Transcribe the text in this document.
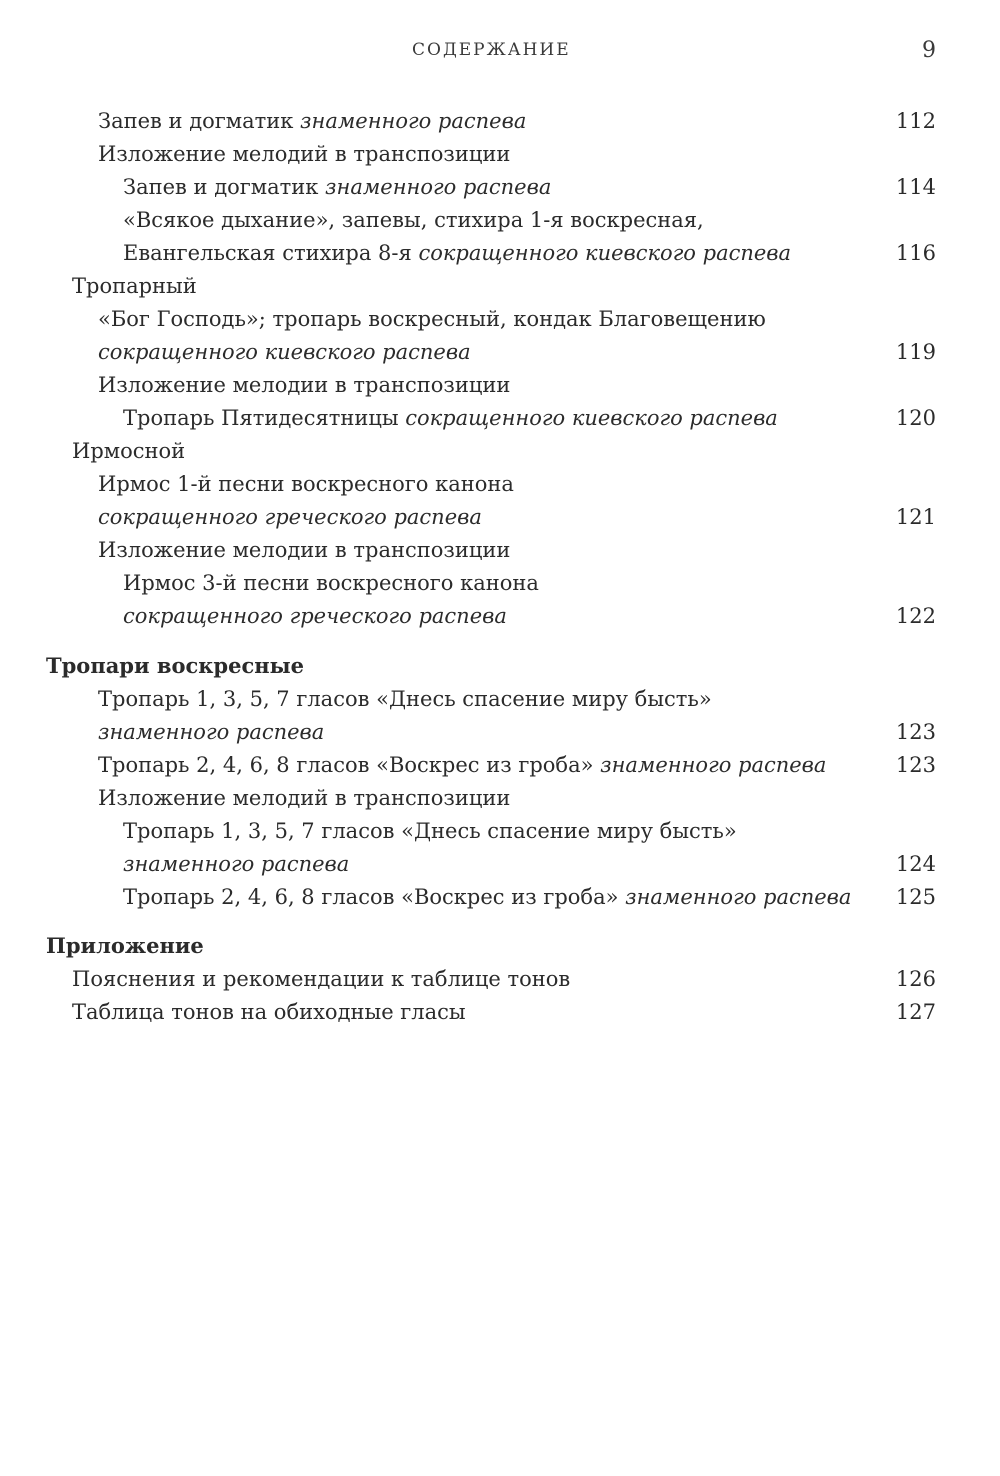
СОДЕРЖАНИЕ	9
Запев и догматик знаменного распева	112
Изложение мелодий в транспозиции
Запев и догматик знаменного распева	114
«Всякое дыхание», запевы, стихира 1-я воскресная,
Евангельская стихира 8-я сокращенного киевского распева	116
Тропарный
«Бог Господь»; тропарь воскресный, кондак Благовещению
сокращенного киевского распева	119
Изложение мелодии в транспозиции
Тропарь Пятидесятницы сокращенного киевского распева	120
Ирмосной
Ирмос 1-й песни воскресного канона
сокращенного греческого распева	121
Изложение мелодии в транспозиции
Ирмос 3-й песни воскресного канона
сокращенного греческого распева	122
Тропари воскресные
Тропарь 1, 3, 5, 7 гласов «Днесь спасение миру бысть»
знаменного распева	123
Тропарь 2, 4, 6, 8 гласов «Воскрес из гроба» знаменного распева	123
Изложение мелодий в транспозиции
Тропарь 1, 3, 5, 7 гласов «Днесь спасение миру бысть»
знаменного распева	124
Тропарь 2, 4, 6, 8 гласов «Воскрес из гроба» знаменного распева 125
Приложение
Пояснения и рекомендации к таблице тонов	126
Таблица тонов на обиходные гласы	127
